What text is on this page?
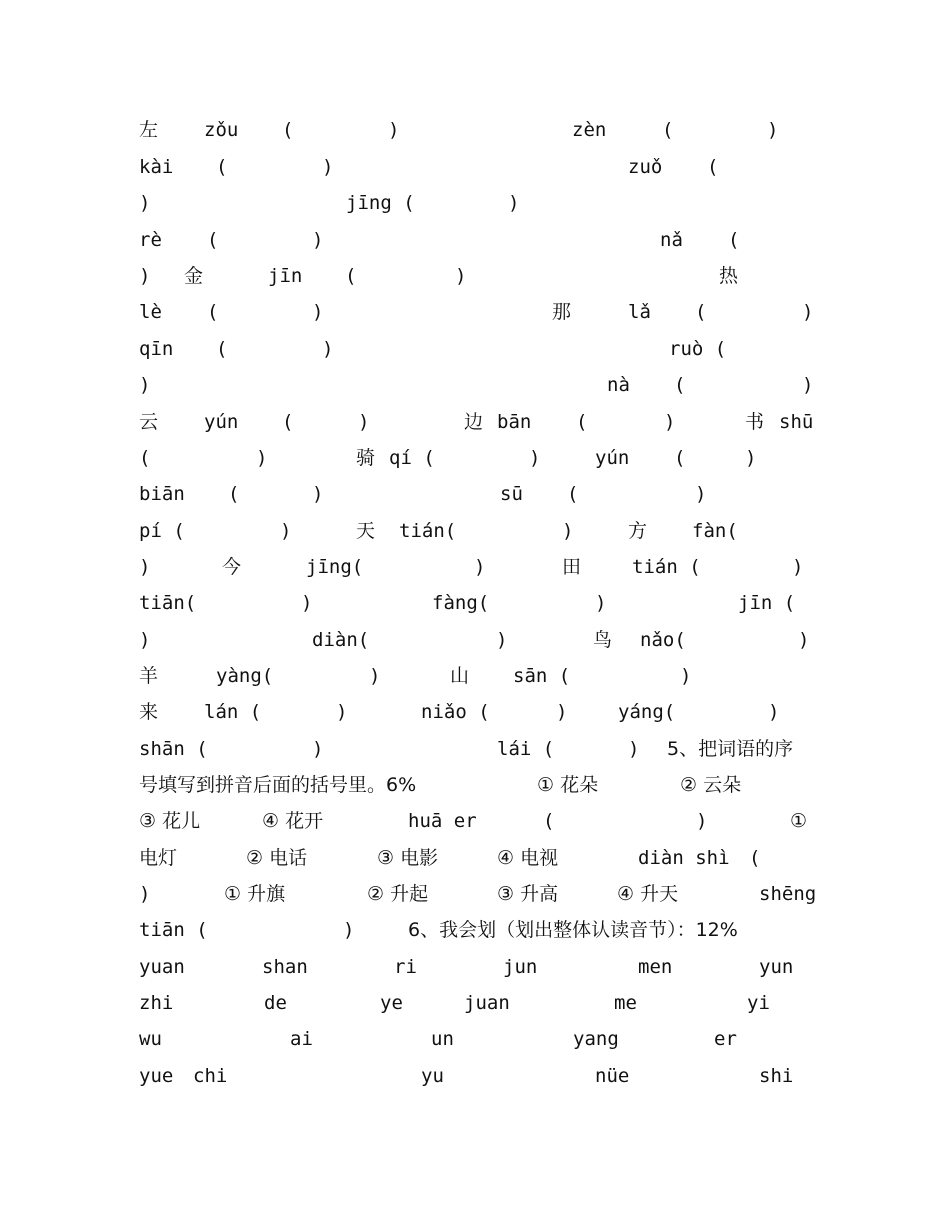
左 zǒu (	)	zèn	(	)
kài (	)	zuǒ (
)	jīng (	)
rè (	)	nǎ (
) 金	jīn (	)	热
lè (	)	那	lǎ (	)
qīn (	)	ruò (
)	nà (	)
云 yún (	)	边 bān (	)	书 shū
(	)	骑 qí (	)	yún (	)
biān (	)	sū (	)
pí (	)	天 tián(	)	方 fàn(
)	今	jīng(	)	田	tián (	)
tiān(	)	fàng(	)	jīn (
)	diàn(	)	鸟 nǎo(	)
羊	yàng(	)	山 sān (	)
来 lán (	)	niǎo (	)	yáng(	)
shān (	)	lái (	) 5、把词语的序
号填写到拼音后面的括号里。6%	① 花朵	② 云朵
③ 花儿	④ 花开	huā er	(	)	①
电灯	② 电话	③ 电影	④ 电视	diàn shì (
)	① 升旗	② 升起	③ 升高	④ 升天	shēng
tiān (	)	6、我会划（划出整体认读音节）：12%
yuan	shan	ri	jun	men	yun
zhi	de	ye	juan	me	yi
wu	ai	un	yang	er
yue chi	yu	nüe	shi
